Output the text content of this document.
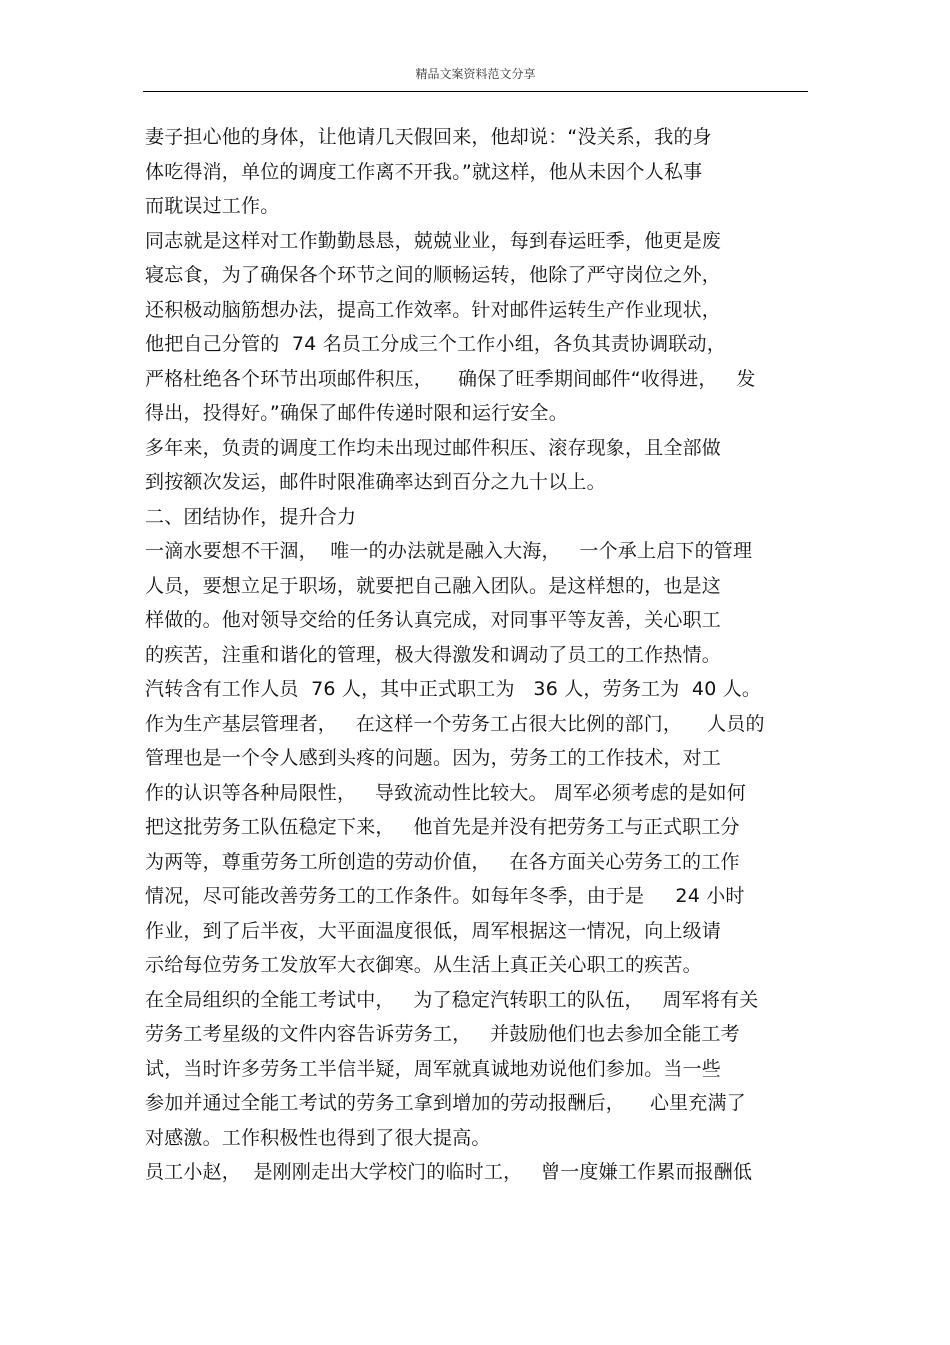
精品文案资料范文分享
妻子担心他的身体，让他请几天假回来，他却说：“没关系，我的身
体吃得消，单位的调度工作离不开我。”就这样，他从未因个人私事
而耽误过工作。
同志就是这样对工作勤勤恳恳，兢兢业业，每到春运旺季，他更是废
寝忘食，为了确保各个环节之间的顺畅运转，他除了严守岗位之外，
还积极动脑筋想办法，提高工作效率。针对邮件运转生产作业现状，
他把自己分管的  74 名员工分成三个工作小组，各负其责协调联动，
严格杜绝各个环节出项邮件积压，    确保了旺季期间邮件“收得进，   发
得出，投得好。”确保了邮件传递时限和运行安全。
多年来，负责的调度工作均未出现过邮件积压、滚存现象，且全部做
到按额次发运，邮件时限准确率达到百分之九十以上。
二、团结协作，提升合力
一滴水要想不干涸，  唯一的办法就是融入大海，   一个承上启下的管理
人员，要想立足于职场，就要把自己融入团队。是这样想的，也是这
样做的。他对领导交给的任务认真完成，对同事平等友善，关心职工
的疾苦，注重和谐化的管理，极大得激发和调动了员工的工作热情。
汽转含有工作人员  76 人，其中正式职工为   36 人，劳务工为  40 人。
作为生产基层管理者，   在这样一个劳务工占很大比例的部门，    人员的
管理也是一个令人感到头疼的问题。因为，劳务工的工作技术，对工
作的认识等各种局限性，   导致流动性比较大。 周军必须考虑的是如何
把这批劳务工队伍稳定下来，   他首先是并没有把劳务工与正式职工分
为两等，尊重劳务工所创造的劳动价值，   在各方面关心劳务工的工作
情况，尽可能改善劳务工的工作条件。如每年冬季，由于是     24 小时
作业，到了后半夜，大平面温度很低，周军根据这一情况，向上级请
示给每位劳务工发放军大衣御寒。从生活上真正关心职工的疾苦。
在全局组织的全能工考试中，   为了稳定汽转职工的队伍，   周军将有关
劳务工考星级的文件内容告诉劳务工，   并鼓励他们也去参加全能工考
试，当时许多劳务工半信半疑，周军就真诚地劝说他们参加。当一些
参加并通过全能工考试的劳务工拿到增加的劳动报酬后，    心里充满了
对感激。工作积极性也得到了很大提高。
员工小赵，  是刚刚走出大学校门的临时工，   曾一度嫌工作累而报酬低
